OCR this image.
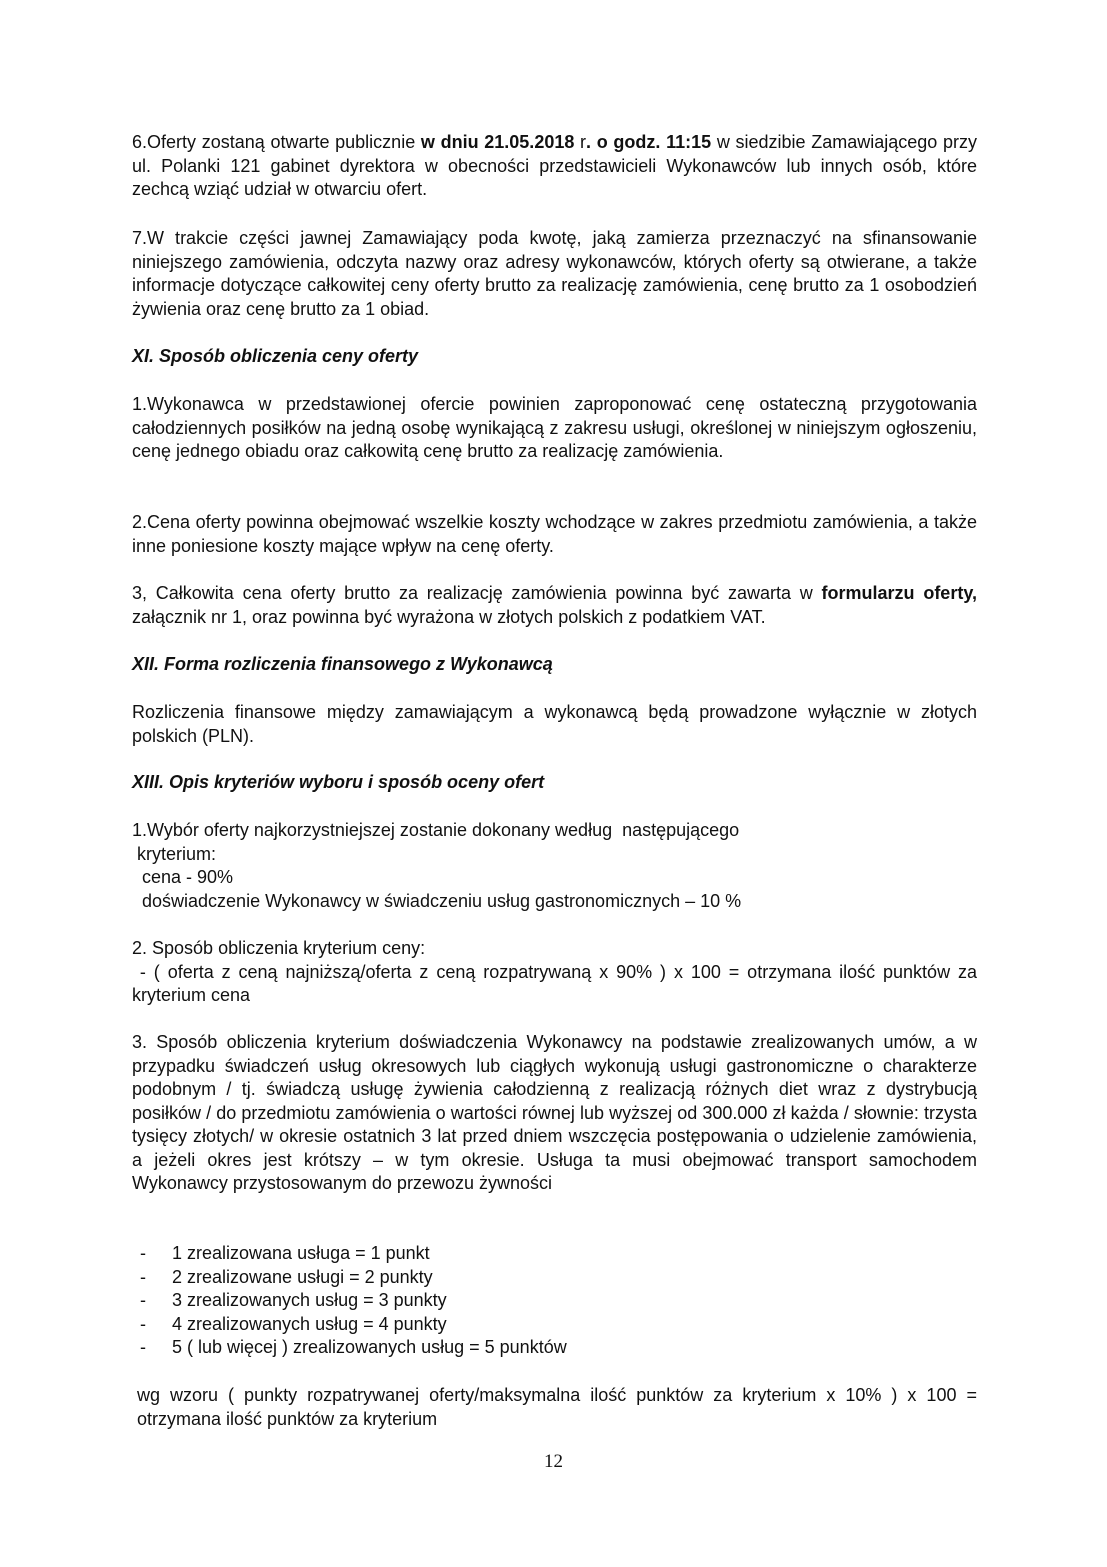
6.Oferty zostaną otwarte publicznie w dniu 21.05.2018 r. o godz. 11:15 w siedzibie Zamawiającego przy ul. Polanki 121 gabinet dyrektora w obecności przedstawicieli Wykonawców lub innych osób, które zechcą wziąć udział w otwarciu ofert.

7.W trakcie części jawnej Zamawiający poda kwotę, jaką zamierza przeznaczyć na sfinansowanie niniejszego zamówienia, odczyta nazwy oraz adresy wykonawców, których oferty są otwierane, a także informacje dotyczące całkowitej ceny oferty brutto za realizację zamówienia, cenę brutto za 1 osobodzień żywienia oraz cenę brutto za 1 obiad.

XI. Sposób obliczenia ceny oferty

1.Wykonawca w przedstawionej ofercie powinien zaproponować cenę ostateczną przygotowania całodziennych posiłków na jedną osobę wynikającą z zakresu usługi, określonej w niniejszym ogłoszeniu, cenę jednego obiadu oraz całkowitą cenę brutto za realizację zamówienia.

2.Cena oferty powinna obejmować wszelkie koszty wchodzące w zakres przedmiotu zamówienia, a także inne poniesione koszty mające wpływ na cenę oferty.

3, Całkowita cena oferty brutto za realizację zamówienia powinna być zawarta w formularzu oferty, załącznik nr 1, oraz powinna być wyrażona w złotych polskich z podatkiem VAT.

XII. Forma rozliczenia finansowego z Wykonawcą

Rozliczenia finansowe między zamawiającym a wykonawcą będą prowadzone wyłącznie w złotych polskich (PLN).

XIII. Opis kryteriów wyboru i sposób oceny ofert

1.Wybór oferty najkorzystniejszej zostanie dokonany według  następującego
kryterium:
cena - 90%
doświadczenie Wykonawcy w świadczeniu usług gastronomicznych – 10 %
2. Sposób obliczenia kryterium ceny:
- ( oferta z ceną najniższą/oferta z ceną rozpatrywaną x 90% ) x 100 = otrzymana ilość punktów za kryterium cena

3. Sposób obliczenia kryterium doświadczenia Wykonawcy na podstawie zrealizowanych umów, a w przypadku świadczeń usług okresowych lub ciągłych wykonują usługi gastronomiczne o charakterze podobnym / tj. świadczą usługę żywienia całodzienną z realizacją różnych diet wraz z dystrybucją posiłków / do przedmiotu zamówienia o wartości równej lub wyższej od 300.000 zł każda / słownie: trzysta tysięcy złotych/ w okresie ostatnich 3 lat przed dniem wszczęcia postępowania o udzielenie zamówienia, a jeżeli okres jest krótszy – w tym okresie. Usługa ta musi obejmować transport samochodem Wykonawcy przystosowanym do przewozu żywności

-	1 zrealizowana usługa = 1 punkt
-	2 zrealizowane usługi = 2 punkty
-	3 zrealizowanych usług = 3 punkty
-	4 zrealizowanych usług = 4 punkty
-	5 ( lub więcej ) zrealizowanych usług = 5 punktów

wg wzoru ( punkty rozpatrywanej oferty/maksymalna ilość punktów za kryterium x 10% ) x 100 = otrzymana ilość punktów za kryterium

12
